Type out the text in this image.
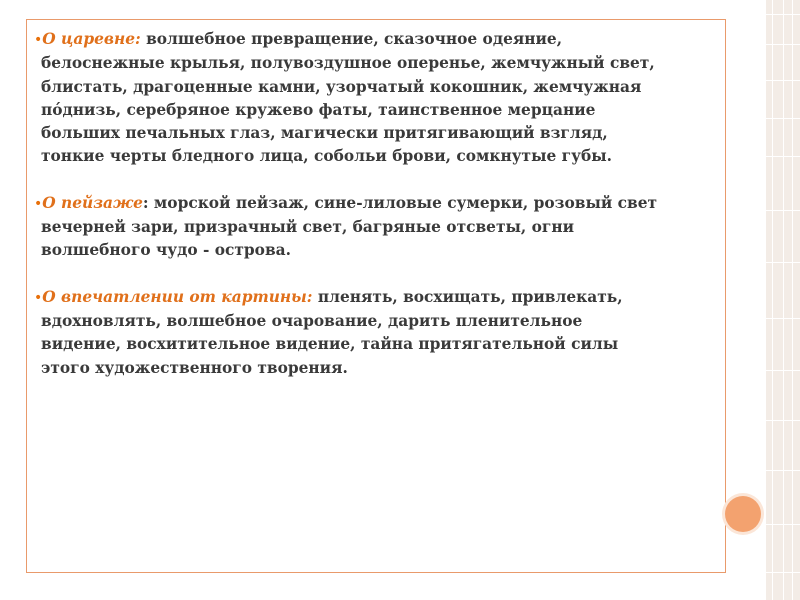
•О царевне: волшебное превращение, сказочное одеяние,
белоснежные крылья, полувоздушное оперенье, жемчужный свет,
блистать, драгоценные камни, узорчатый кокошник, жемчужная
по́днизь, серебряное кружево фаты, таинственное мерцание
больших печальных глаз, магически притягивающий взгляд,
тонкие черты бледного лица, собольи брови, сомкнутые губы.
•О пейзаже: морской пейзаж, сине-лиловые сумерки, розовый свет
вечерней зари, призрачный свет, багряные отсветы, огни
волшебного чудо - острова.
•О впечатлении от картины: пленять, восхищать, привлекать,
вдохновлять, волшебное очарование, дарить пленительное
видение, восхитительное видение, тайна притягательной силы
этого художественного творения.
